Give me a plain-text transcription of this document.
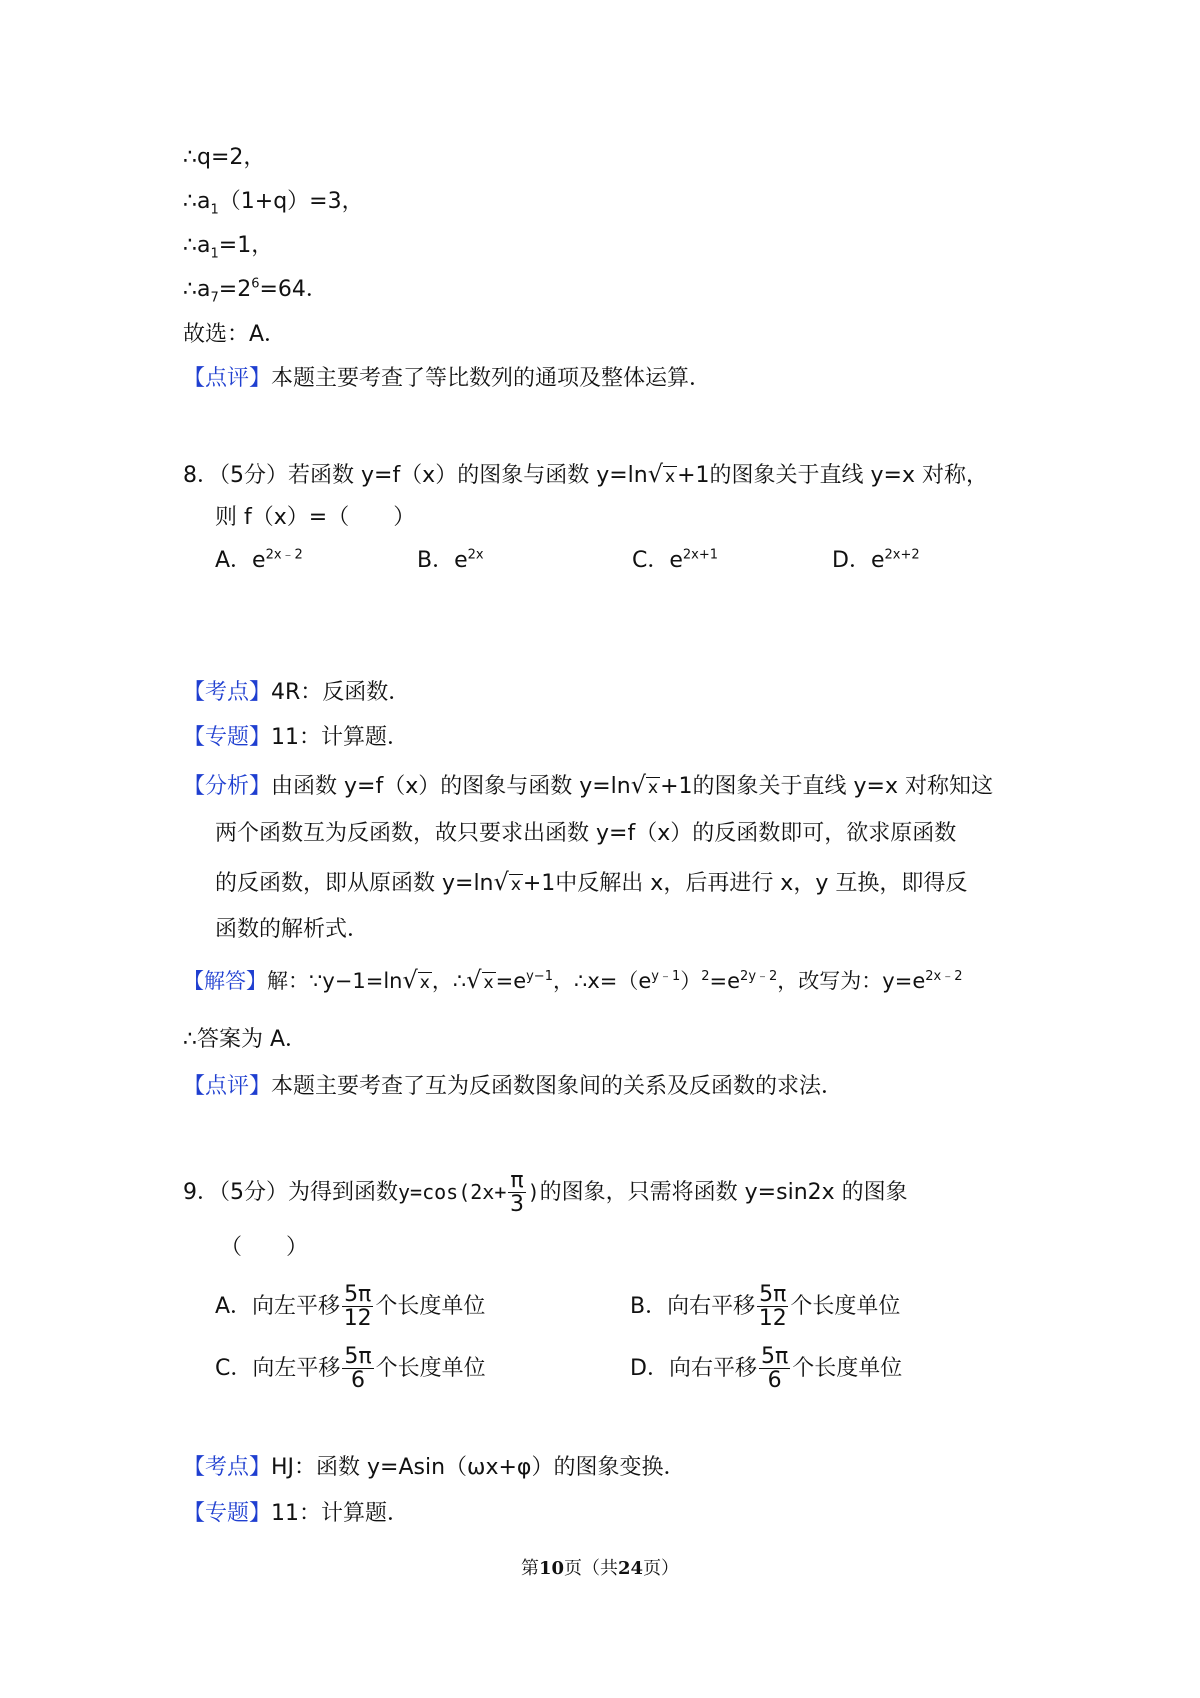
∴q=2，
$\therefore a_1(1+q)=3$，
$\therefore a_1=1$，
$\therefore a_7=2^6=64$．
故选：A．
【点评】本题主要考查了等比数列的通项及整体运算．
8．（5分）若函数 y=f（x）的图象与函数 y=ln√ x+1的图象关于直线 y=x 对称，
则 f（x）=（　　）
A．$e^{2x﹣2}$	B．$e^{2x}$	C．$e^{2x+1}$	D．$e^{2x+2}$
【考点】4R：反函数．
【专题】11：计算题．
【分析】由函数 y=f（x）的图象与函数 y=ln√ x+1的图象关于直线 y=x 对称知这
两个函数互为反函数，故只要求出函数 y=f（x）的反函数即可，欲求原函数
的反函数，即从原函数 y=ln√ x+1中反解出 x，后再进行 x，y 互换，即得反
函数的解析式．
【解答】解：∵y−1=ln√ x，∴√ $x=e^{y-1}$，$\therefore x=(e^{y﹣1})^2=e^{2y﹣2}$，改写为：$y=e^{2x﹣2}$
∴答案为 A．
【点评】本题主要考查了互为反函数图象间的关系及反函数的求法．
9．（5分）为得到函数$y=\cos(2x+ \frac{\pi}{3}$ )的图象，只需将函数 y=sin2x 的图象
（　　）
A．向左平移 $\frac{5\pi}{12}$ 个长度单位	B．向右平移 $\frac{5\pi}{12}$ 个长度单位
C．向左平移 $\frac{5\pi}{6}$ 个长度单位	D．向右平移 $\frac{5\pi}{6}$ 个长度单位
【考点】HJ：函数 y=Asin（ωx+φ）的图象变换．
【专题】11：计算题．
第10页（共24页）
